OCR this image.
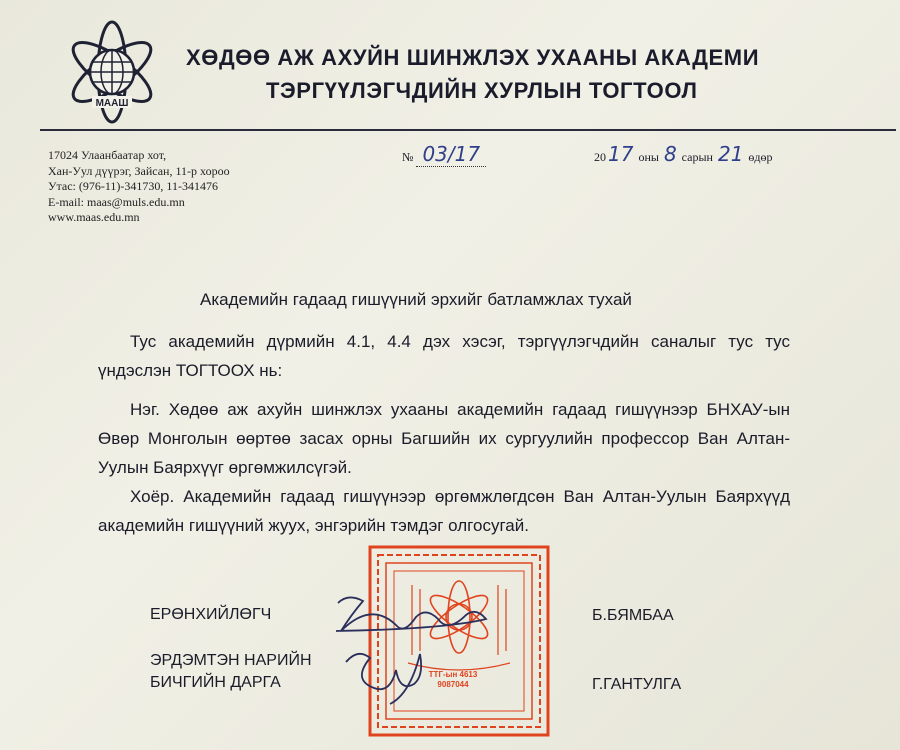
МААШ
ХӨДӨӨ АЖ АХУЙН ШИНЖЛЭХ УХААНЫ АКАДЕМИ
ТЭРГҮҮЛЭГЧДИЙН ХУРЛЫН ТОГТООЛ
17024 Улаанбаатар хот,
Хан-Уул дүүрэг, Зайсан, 11-р хороо
Утас: (976-11)-341730, 11-341476
E-mail: maas@muls.edu.mn
www.maas.edu.mn
№ 03/17	20 17 оны 8 сарын 21 өдөр
Академийн гадаад гишүүний эрхийг батламжлах тухай
Тус академийн дүрмийн 4.1, 4.4 дэх хэсэг, тэргүүлэгчдийн саналыг тус тус үндэслэн ТОГТООХ нь:
Нэг. Хөдөө аж ахуйн шинжлэх ухааны академийн гадаад гишүүнээр БНХАУ-ын Өвөр Монголын өөртөө засах орны Багшийн их сургуулийн профессор Ван Алтан-Уулын Баярхүүг өргөмжилсүгэй.
Хоёр. Академийн гадаад гишүүнээр өргөмжлөгдсөн Ван Алтан-Уулын Баярхүүд академийн гишүүний жуух, энгэрийн тэмдэг олгосугай.
ТТГ-ын 4613
9087044
ЕРӨНХИЙЛӨГЧ	Б.БЯМБАА
ЭРДЭМТЭН НАРИЙН
БИЧГИЙН ДАРГА	Г.ГАНТУЛГА
